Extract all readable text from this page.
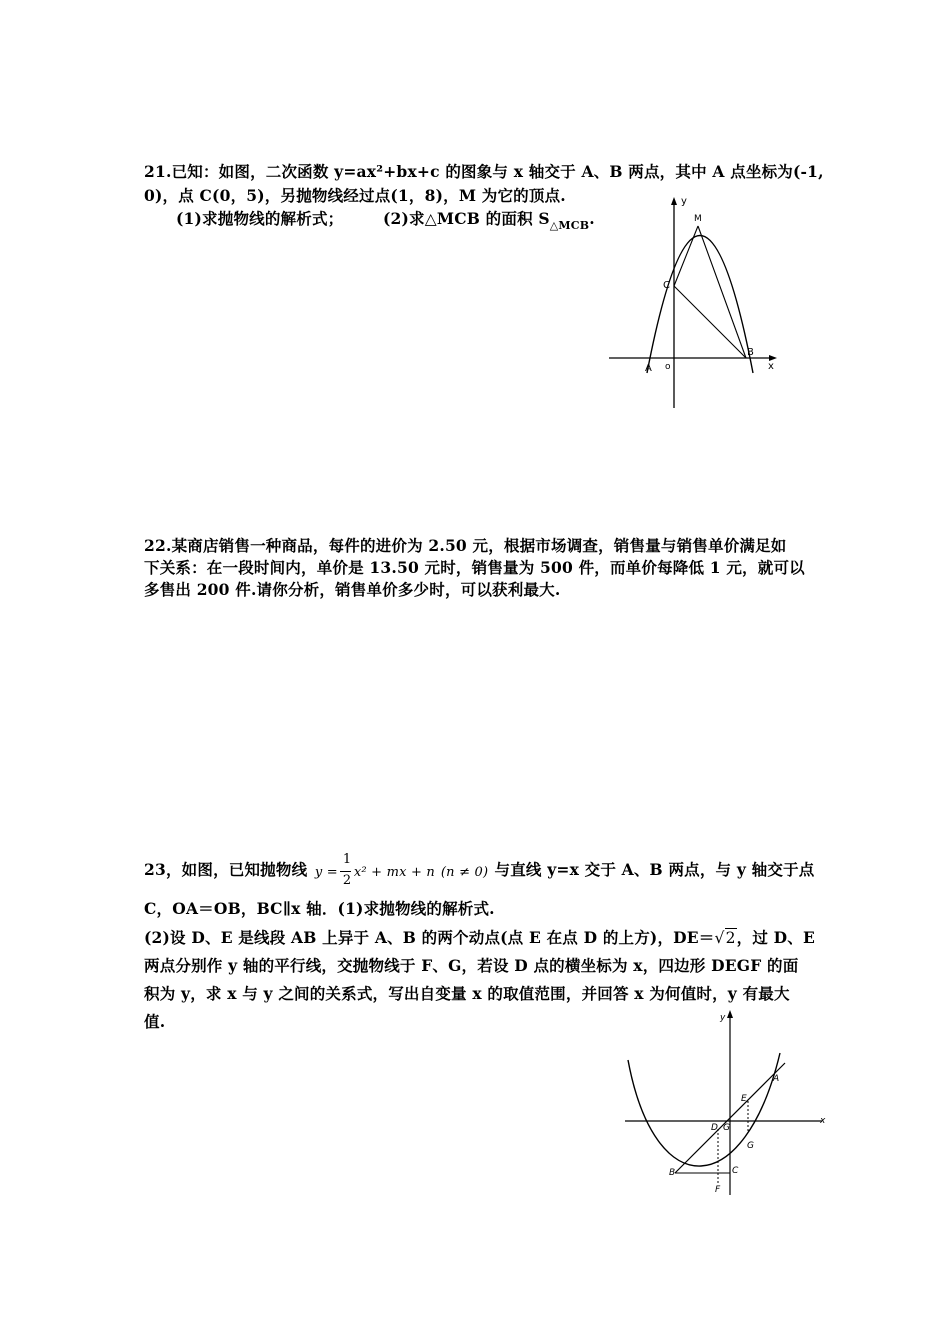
21.已知：如图，二次函数 y=ax²+bx+c 的图象与 x 轴交于 A、B 两点，其中 A 点坐标为(-1,
0)，点 C(0，5)，另抛物线经过点(1，8)，M 为它的顶点.
(1)求抛物线的解析式；	(2)求△MCB 的面积 $S_{\triangle MCB}$.
y
x
M
C
B
A o
22.某商店销售一种商品，每件的进价为 2.50 元，根据市场调查，销售量与销售单价满足如
下关系：在一段时间内，单价是 13.50 元时，销售量为 500 件，而单价每降低 1 元，就可以
多售出 200 件.请你分析，销售单价多少时，可以获利最大.
23，如图，已知抛物线 y =
1
2
x² + mx + n (n ≠ 0) 与直线 y=x 交于 A、B 两点，与 y 轴交于点
C，OA＝OB，BC∥x 轴．(1)求抛物线的解析式.
(2)设 D、E 是线段 AB 上异于 A、B 的两个动点(点 E 在点 D 的上方)，DE＝√2，过 D、E
两点分别作 y 轴的平行线，交抛物线于 F、G，若设 D 点的横坐标为 x，四边形 DEGF 的面
积为 y，求 x 与 y 之间的关系式，写出自变量 x 的取值范围，并回答 x 为何值时，y 有最大
值.	y
x
A
E
D G
G
B	C
F
